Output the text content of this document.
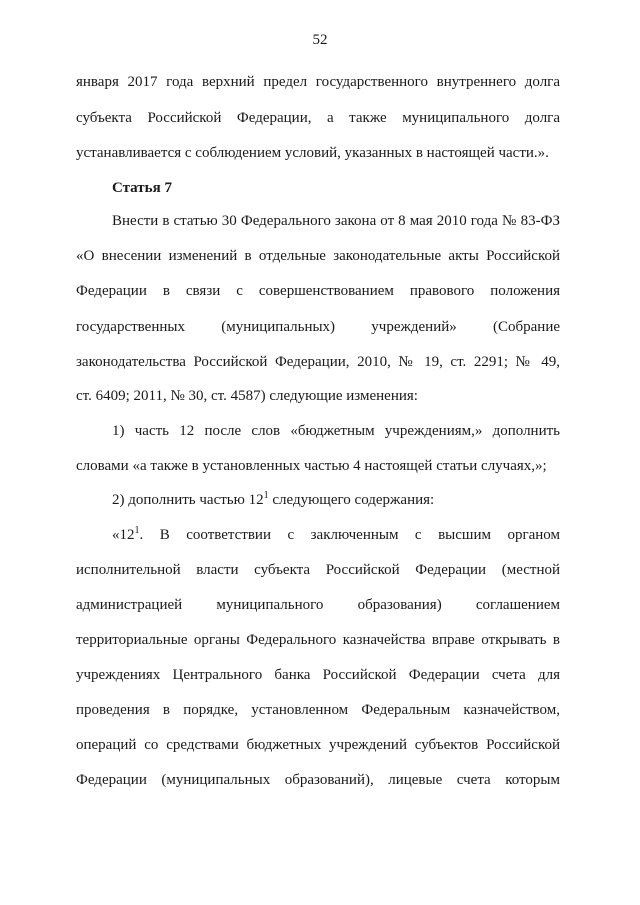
52
января 2017 года верхний предел государственного внутреннего долга
субъекта Российской Федерации, а также муниципального долга
устанавливается с соблюдением условий, указанных в настоящей части.».
Статья 7
Внести в статью 30 Федерального закона от 8 мая 2010 года № 83-ФЗ
«О внесении изменений в отдельные законодательные акты Российской
Федерации в связи с совершенствованием правового положения
государственных (муниципальных) учреждений» (Собрание
законодательства Российской Федерации, 2010, № 19, ст. 2291; № 49,
ст. 6409; 2011, № 30, ст. 4587) следующие изменения:
1) часть 12 после слов «бюджетным учреждениям,» дополнить
словами «а также в установленных частью 4 настоящей статьи случаях,»;
2) дополнить частью $12^1$ следующего содержания:
«$12^1$. В соответствии с заключенным с высшим органом
исполнительной власти субъекта Российской Федерации (местной
администрацией муниципального образования) соглашением
территориальные органы Федерального казначейства вправе открывать в
учреждениях Центрального банка Российской Федерации счета для
проведения в порядке, установленном Федеральным казначейством,
операций со средствами бюджетных учреждений субъектов Российской
Федерации (муниципальных образований), лицевые счета которым
